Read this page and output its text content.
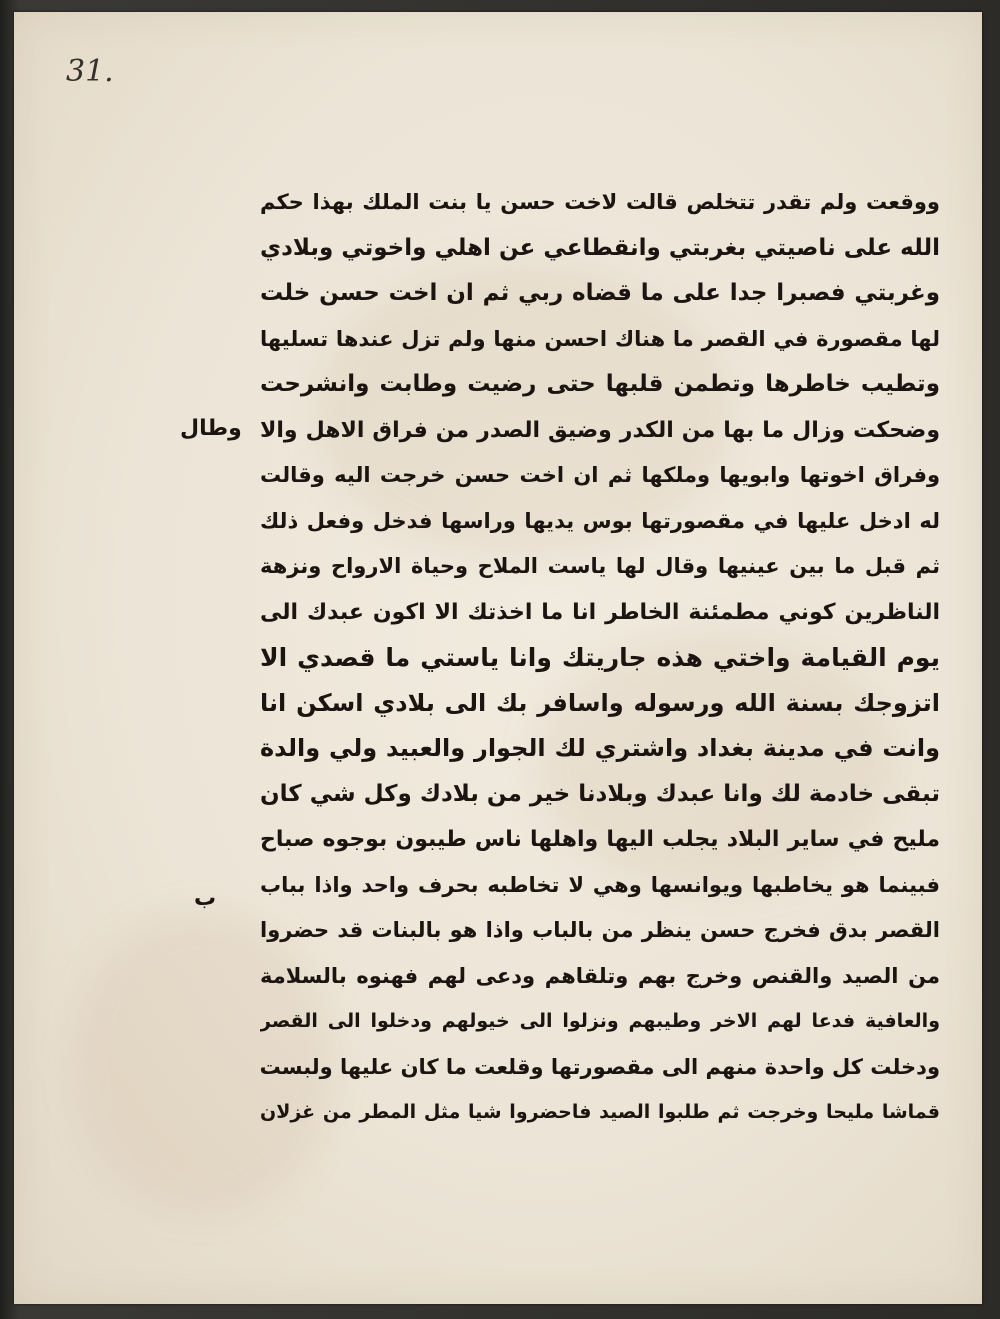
31.
ووقعت ولم تقدر تتخلص قالت لاخت حسن يا بنت الملك بهذا حكم
الله على ناصيتي بغربتي وانقطاعي عن اهلي واخوتي وبلادي
وغربتي فصبرا جدا على ما قضاه ربي ثم ان اخت حسن خلت
لها مقصورة في القصر ما هناك احسن منها ولم تزل عندها تسليها
وتطيب خاطرها وتطمن قلبها حتى رضيت وطابت وانشرحت
وضحكت وزال ما بها من الكدر وضيق الصدر من فراق الاهل والا
وفراق اخوتها وابويها وملكها ثم ان اخت حسن خرجت اليه وقالت
له ادخل عليها في مقصورتها بوس يديها وراسها فدخل وفعل ذلك
ثم قبل ما بين عينيها وقال لها ياست الملاح وحياة الارواح ونزهة
الناظرين كوني مطمئنة الخاطر انا ما اخذتك الا اكون عبدك الى
يوم القيامة واختي هذه جاريتك وانا ياستي ما قصدي الا
اتزوجك بسنة الله ورسوله واسافر بك الى بلادي اسكن انا
وانت في مدينة بغداد واشتري لك الجوار والعبيد ولي والدة
تبقى خادمة لك وانا عبدك وبلادنا خير من بلادك وكل شي كان
مليح في ساير البلاد يجلب اليها واهلها ناس طيبون بوجوه صباح
فبينما هو يخاطبها ويوانسها وهي لا تخاطبه بحرف واحد واذا بباب
القصر بدق فخرج حسن ينظر من بالباب واذا هو بالبنات قد حضروا
من الصيد والقنص وخرج بهم وتلقاهم ودعى لهم فهنوه بالسلامة
والعافية فدعا لهم الاخر وطيبهم ونزلوا الى خيولهم ودخلوا الى القصر
ودخلت كل واحدة منهم الى مقصورتها وقلعت ما كان عليها ولبست
قماشا مليحا وخرجت ثم طلبوا الصيد فاحضروا شيا مثل المطر من غزلان
وطال
ب
